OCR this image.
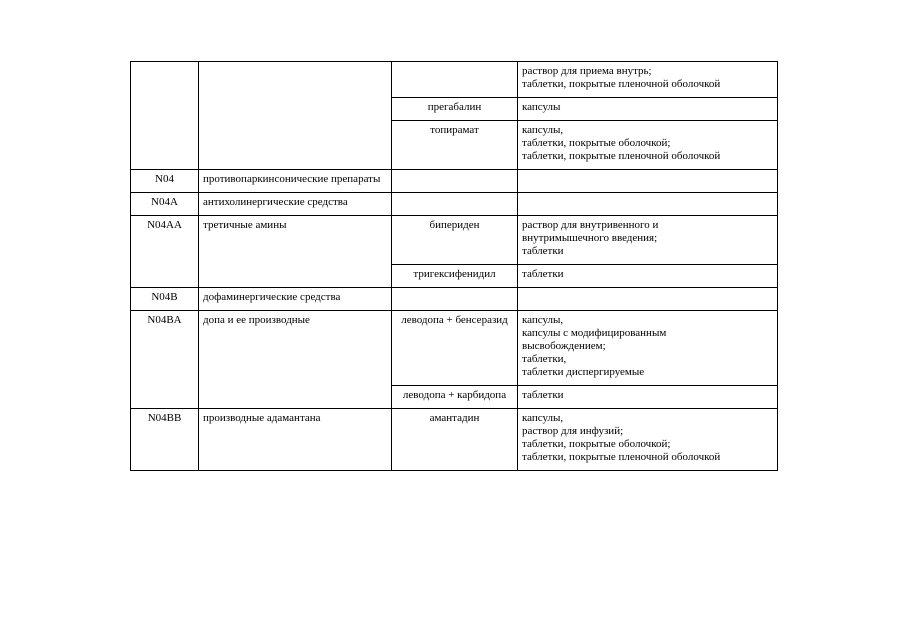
			раствор для приема внутрь;
таблетки, покрытые пленочной оболочкой

		прегабалин	капсулы

		топирамат	капсулы,
таблетки, покрытые оболочкой;
таблетки, покрытые пленочной оболочкой

N04	противопаркинсонические препараты		
N04A	антихолинергические средства		
N04AA	третичные амины	бипериден	раствор для внутривенного и
внутримышечного введения;
таблетки

		тригексифенидил	таблетки

N04B	дофаминергические средства		
N04BA	допа и ее производные	леводопа + бенсеразид	капсулы,
капсулы с модифицированным
высвобождением;
таблетки,
таблетки диспергируемые

		леводопа + карбидопа	таблетки

N04BB	производные адамантана	амантадин	капсулы,
раствор для инфузий;
таблетки, покрытые оболочкой;
таблетки, покрытые пленочной оболочкой
